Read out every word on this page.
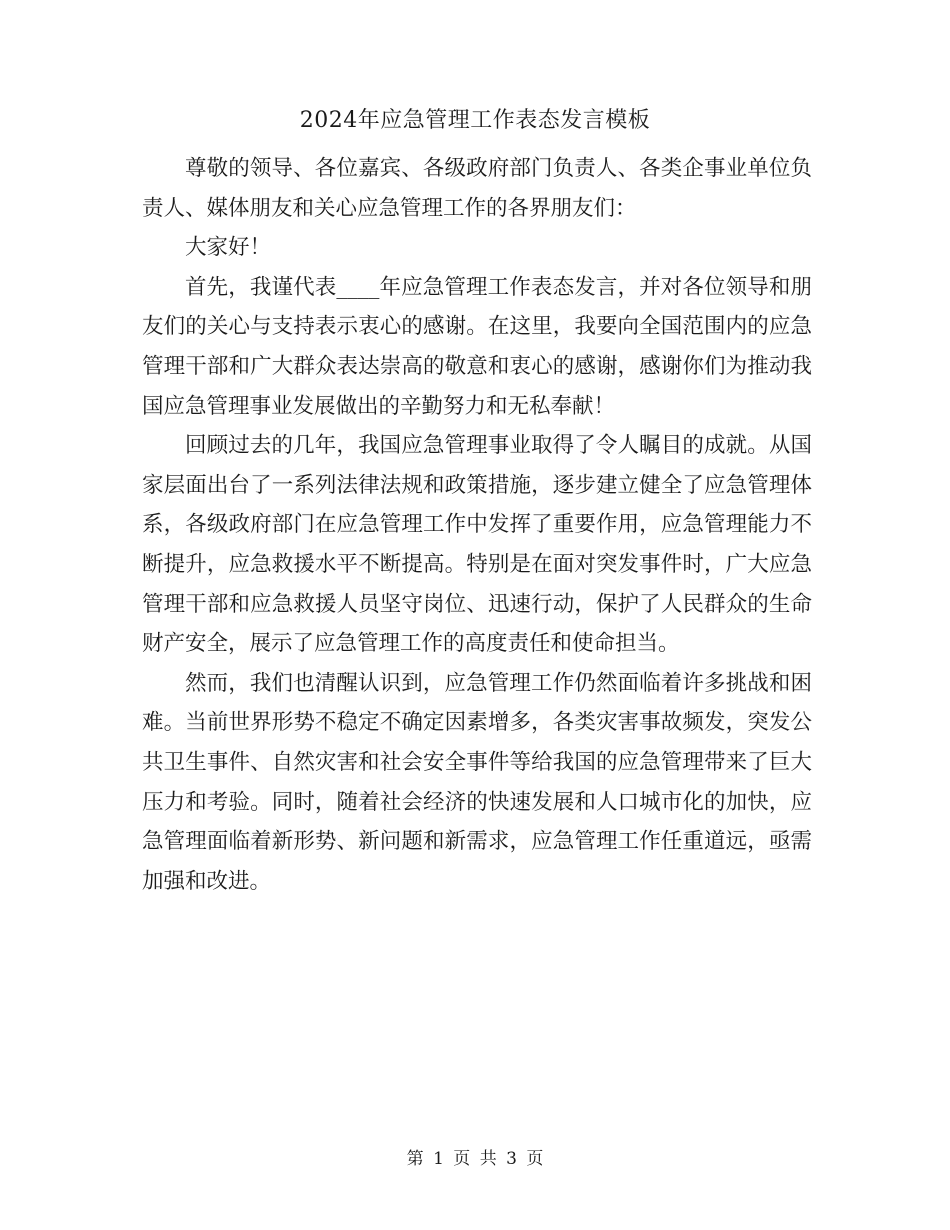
2024年应急管理工作表态发言模板

尊敬的领导、各位嘉宾、各级政府部门负责人、各类企事业单位负责人、媒体朋友和关心应急管理工作的各界朋友们：

大家好！

首先，我谨代表____年应急管理工作表态发言，并对各位领导和朋友们的关心与支持表示衷心的感谢。在这里，我要向全国范围内的应急管理干部和广大群众表达崇高的敬意和衷心的感谢，感谢你们为推动我国应急管理事业发展做出的辛勤努力和无私奉献！

回顾过去的几年，我国应急管理事业取得了令人瞩目的成就。从国家层面出台了一系列法律法规和政策措施，逐步建立健全了应急管理体系，各级政府部门在应急管理工作中发挥了重要作用，应急管理能力不断提升，应急救援水平不断提高。特别是在面对突发事件时，广大应急管理干部和应急救援人员坚守岗位、迅速行动，保护了人民群众的生命财产安全，展示了应急管理工作的高度责任和使命担当。

然而，我们也清醒认识到，应急管理工作仍然面临着许多挑战和困难。当前世界形势不稳定不确定因素增多，各类灾害事故频发，突发公共卫生事件、自然灾害和社会安全事件等给我国的应急管理带来了巨大压力和考验。同时，随着社会经济的快速发展和人口城市化的加快，应急管理面临着新形势、新问题和新需求，应急管理工作任重道远，亟需加强和改进。

第 1 页 共 3 页
